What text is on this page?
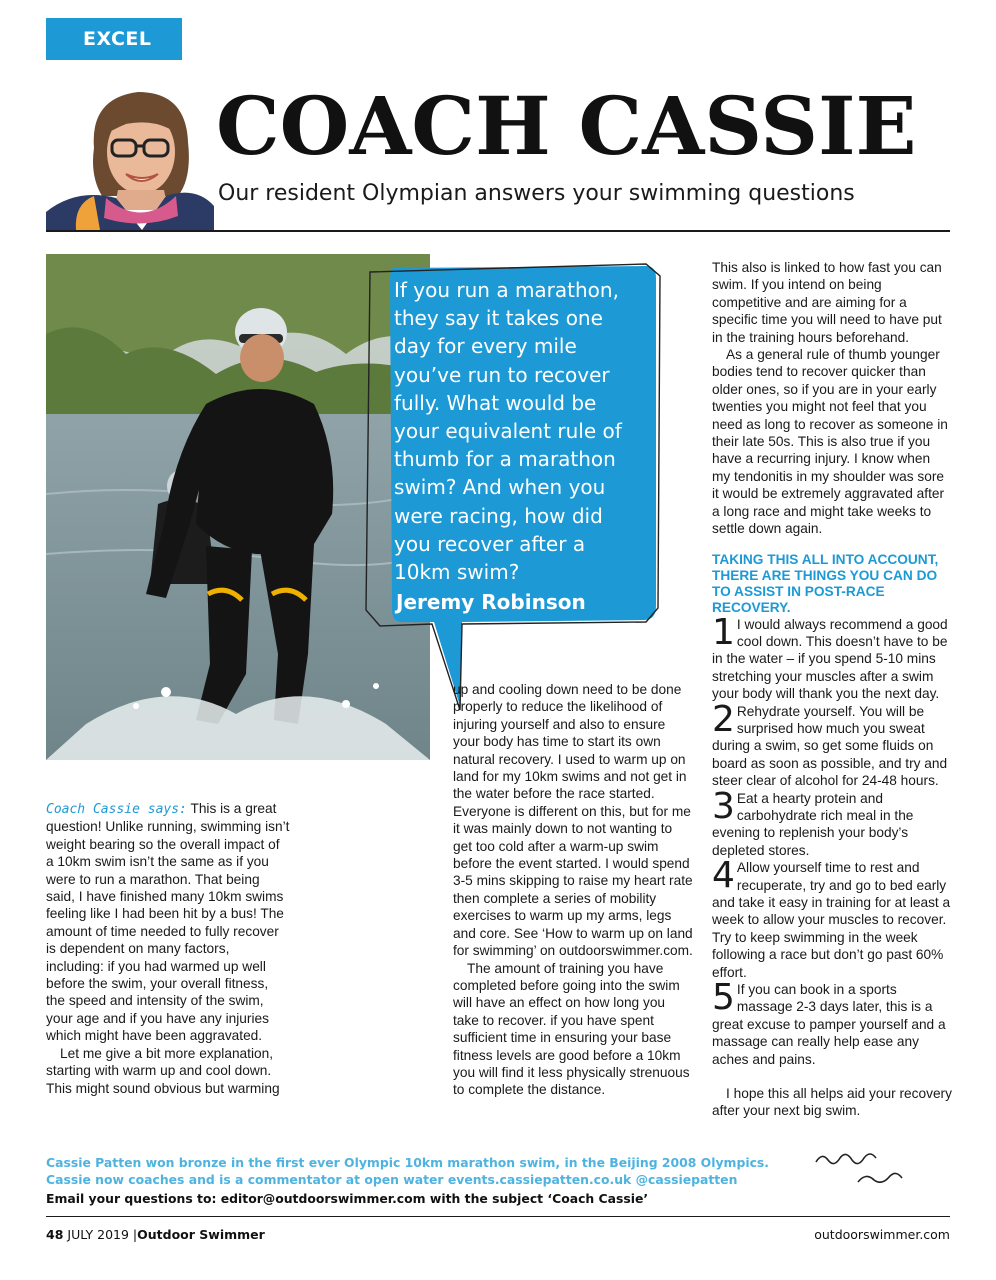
EXCEL
COACH CASSIE
Our resident Olympian answers your swimming questions
If you run a marathon, they say it takes one day for every mile you’ve run to recover fully. What would be your equivalent rule of thumb for a marathon swim? And when you were racing, how did you recover after a 10km swim?
Jeremy Robinson

Coach Cassie says: This is a great question! Unlike running, swimming isn’t weight bearing so the overall impact of a 10km swim isn’t the same as if you were to run a marathon. That being said, I have finished many 10km swims feeling like I had been hit by a bus! The amount of time needed to fully recover is dependent on many factors, including: if you had warmed up well before the swim, your overall fitness, the speed and intensity of the swim, your age and if you have any injuries which might have been aggravated.

Let me give a bit more explanation, starting with warm up and cool down. This might sound obvious but warming

up and cooling down need to be done properly to reduce the likelihood of injuring yourself and also to ensure your body has time to start its own natural recovery. I used to warm up on land for my 10km swims and not get in the water before the race started. Everyone is different on this, but for me it was mainly down to not wanting to get too cold after a warm-up swim before the event started. I would spend 3-5 mins skipping to raise my heart rate then complete a series of mobility exercises to warm up my arms, legs and core. See ‘How to warm up on land for swimming’ on outdoorswimmer.com.

The amount of training you have completed before going into the swim will have an effect on how long you take to recover. if you have spent sufficient time in ensuring your base fitness levels are good before a 10km you will find it less physically strenuous to complete the distance.

This also is linked to how fast you can swim. If you intend on being competitive and are aiming for a specific time you will need to have put in the training hours beforehand.

As a general rule of thumb younger bodies tend to recover quicker than older ones, so if you are in your early twenties you might not feel that you need as long to recover as someone in their late 50s. This is also true if you have a recurring injury. I know when my tendonitis in my shoulder was sore it would be extremely aggravated after a long race and might take weeks to settle down again.

TAKING THIS ALL INTO ACCOUNT, THERE ARE THINGS YOU CAN DO TO ASSIST IN POST-RACE RECOVERY.

1 I would always recommend a good cool down. This doesn’t have to be in the water – if you spend 5-10 mins stretching your muscles after a swim your body will thank you the next day.
2 Rehydrate yourself. You will be surprised how much you sweat during a swim, so get some fluids on board as soon as possible, and try and steer clear of alcohol for 24-48 hours.
3 Eat a hearty protein and carbohydrate rich meal in the evening to replenish your body’s depleted stores.
4 Allow yourself time to rest and recuperate, try and go to bed early and take it easy in training for at least a week to allow your muscles to recover. Try to keep swimming in the week following a race but don’t go past 60% effort.
5 If you can book in a sports massage 2-3 days later, this is a great excuse to pamper yourself and a massage can really help ease any aches and pains.

I hope this all helps aid your recovery after your next big swim.

Cassie Patten won bronze in the first ever Olympic 10km marathon swim, in the Beijing 2008 Olympics.

Cassie now coaches and is a commentator at open water events.cassiepatten.co.uk @cassiepatten

Email your questions to: editor@outdoorswimmer.com with the subject ‘Coach Cassie’
48 JULY 2019 |Outdoor Swimmer	outdoorswimmer.com
